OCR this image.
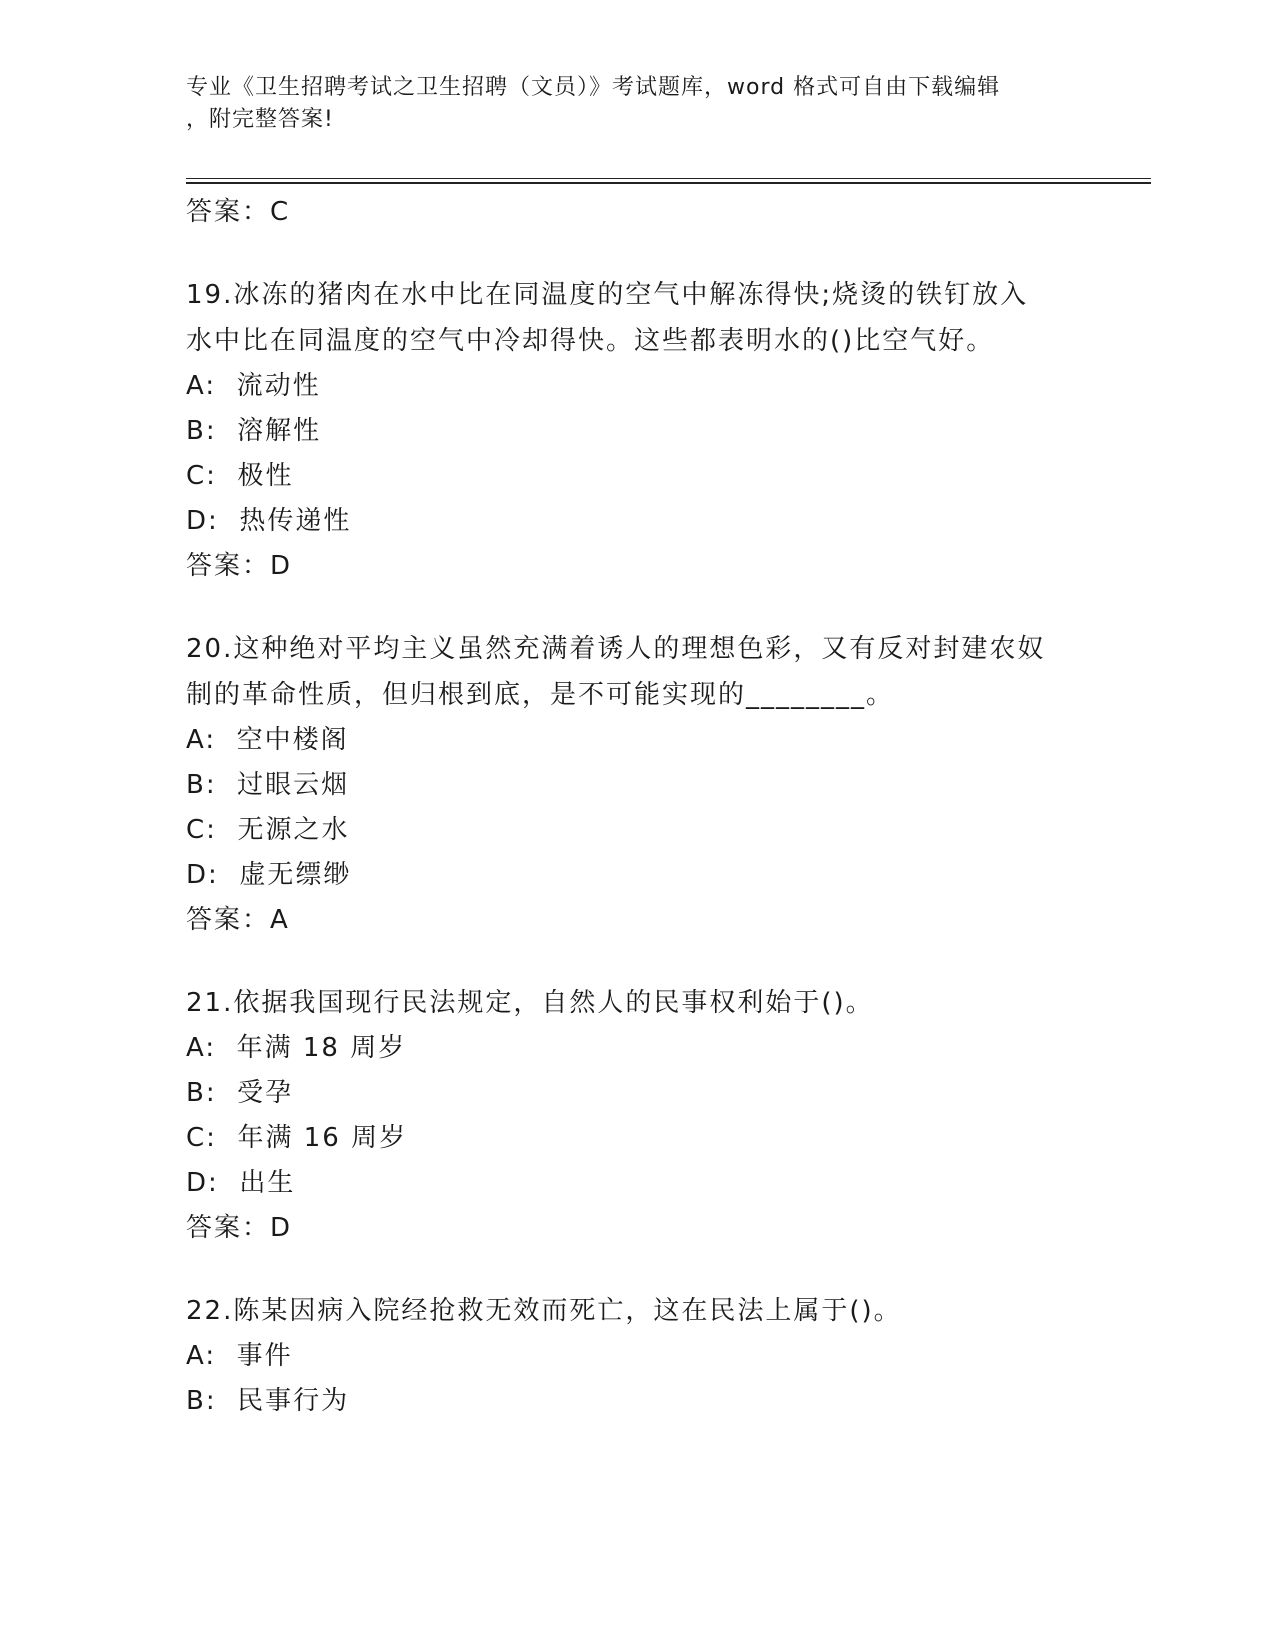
专业《卫生招聘考试之卫生招聘（文员）》考试题库，word 格式可自由下载编辑
，附完整答案!
答案：C
19.冰冻的猪肉在水中比在同温度的空气中解冻得快;烧烫的铁钉放入
水中比在同温度的空气中冷却得快。这些都表明水的()比空气好。
A: 流动性
B: 溶解性
C: 极性
D: 热传递性
答案：D
20.这种绝对平均主义虽然充满着诱人的理想色彩，又有反对封建农奴
制的革命性质，但归根到底，是不可能实现的________。
A: 空中楼阁
B: 过眼云烟
C: 无源之水
D: 虚无缥缈
答案：A
21.依据我国现行民法规定，自然人的民事权利始于()。
A: 年满 18 周岁
B: 受孕
C: 年满 16 周岁
D: 出生
答案：D
22.陈某因病入院经抢救无效而死亡，这在民法上属于()。
A: 事件
B: 民事行为
